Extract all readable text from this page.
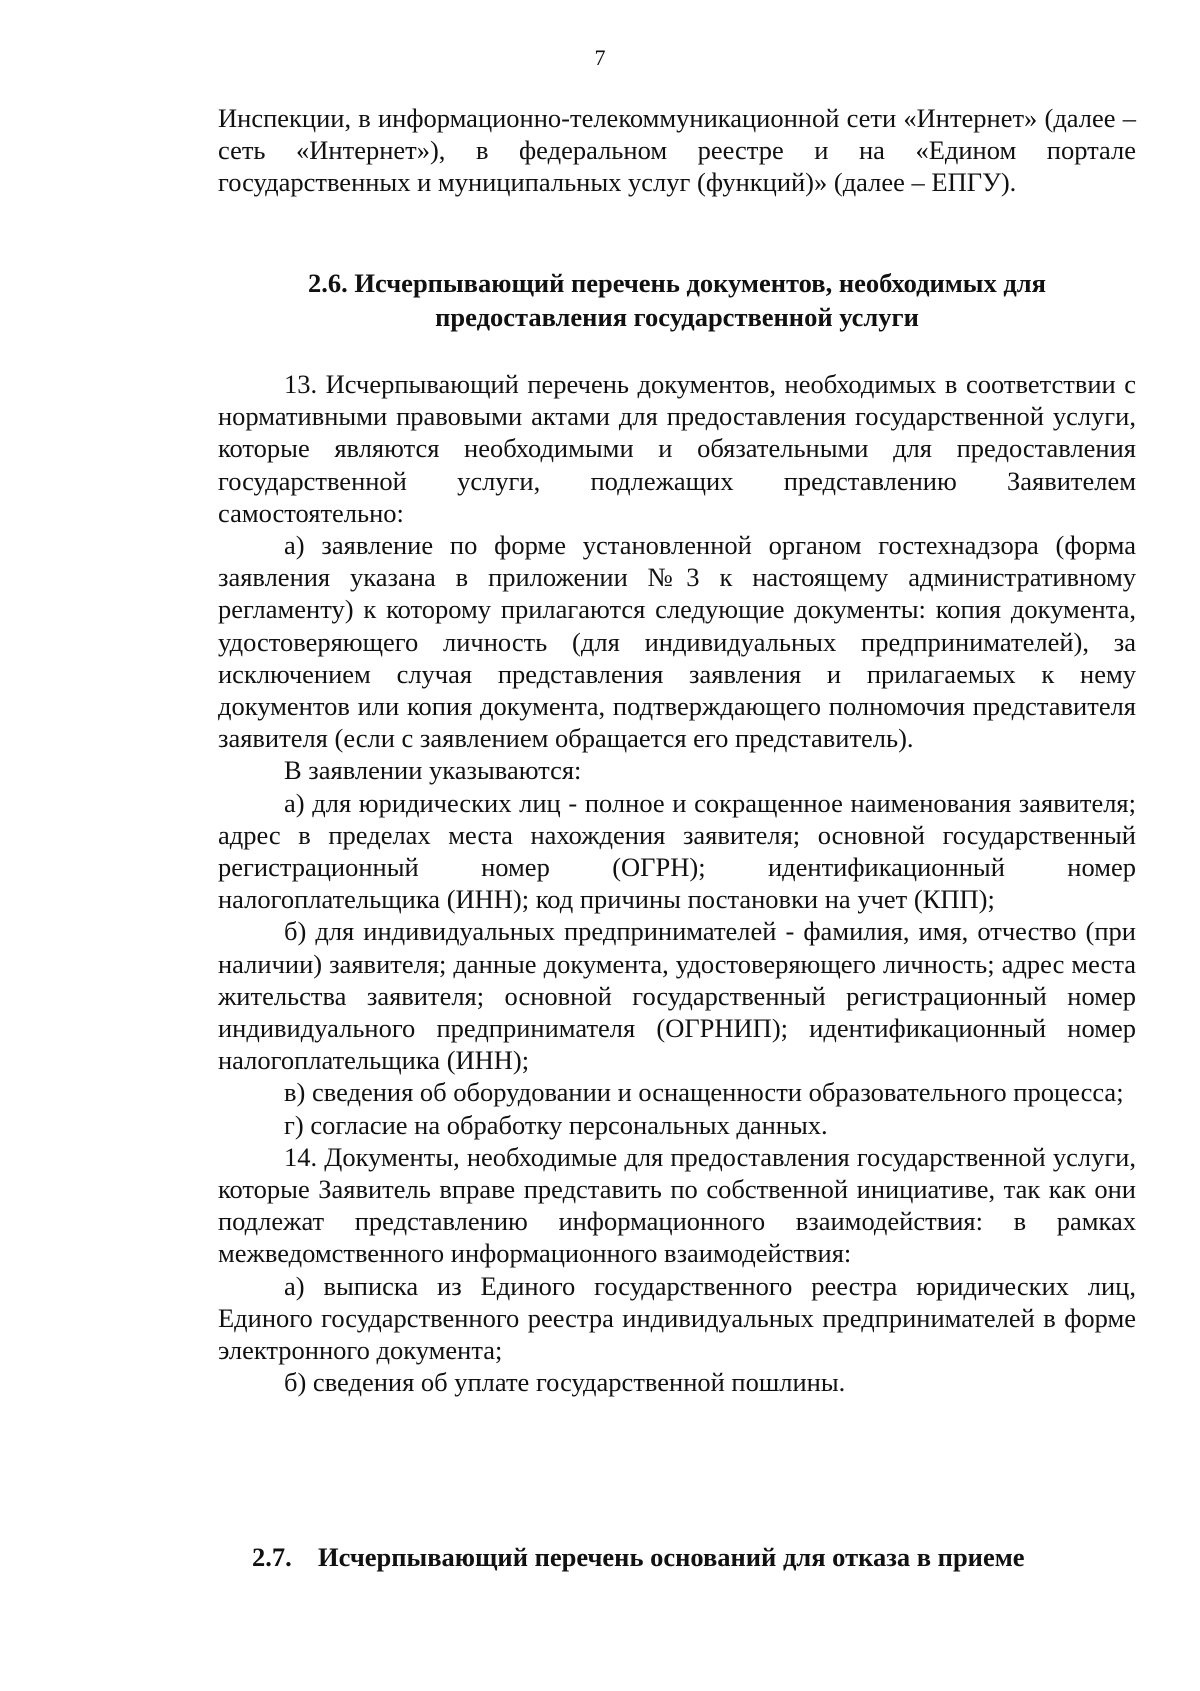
7

Инспекции, в информационно-телекоммуникационной сети «Интернет» (далее – сеть «Интернет»), в федеральном реестре и на «Едином портале государственных и муниципальных услуг (функций)» (далее – ЕПГУ).

2.6. Исчерпывающий перечень документов, необходимых для
предоставления государственной услуги

13. Исчерпывающий перечень документов, необходимых в соответствии с нормативными правовыми актами для предоставления государственной услуги, которые являются необходимыми и обязательными для предоставления государственной услуги, подлежащих представлению Заявителем самостоятельно:

а) заявление по форме установленной органом гостехнадзора (форма заявления указана в приложении №3 к настоящему административному регламенту) к которому прилагаются следующие документы: копия документа, удостоверяющего личность (для индивидуальных предпринимателей), за исключением случая представления заявления и прилагаемых к нему документов или копия документа, подтверждающего полномочия представителя заявителя (если с заявлением обращается его представитель).

В заявлении указываются:

а) для юридических лиц - полное и сокращенное наименования заявителя; адрес в пределах места нахождения заявителя; основной государственный регистрационный номер (ОГРН); идентификационный номер налогоплательщика (ИНН); код причины постановки на учет (КПП);

б) для индивидуальных предпринимателей - фамилия, имя, отчество (при наличии) заявителя; данные документа, удостоверяющего личность; адрес места жительства заявителя; основной государственный регистрационный номер индивидуального предпринимателя (ОГРНИП); идентификационный номер налогоплательщика (ИНН);

в) сведения об оборудовании и оснащенности образовательного процесса;

г) согласие на обработку персональных данных.

14. Документы, необходимые для предоставления государственной услуги, которые Заявитель вправе представить по собственной инициативе, так как они подлежат представлению информационного взаимодействия: в рамках межведомственного информационного взаимодействия:

а) выписка из Единого государственного реестра юридических лиц, Единого государственного реестра индивидуальных предпринимателей в форме электронного документа;

б) сведения об уплате государственной пошлины.

2.7. Исчерпывающий перечень оснований для отказа в приеме
